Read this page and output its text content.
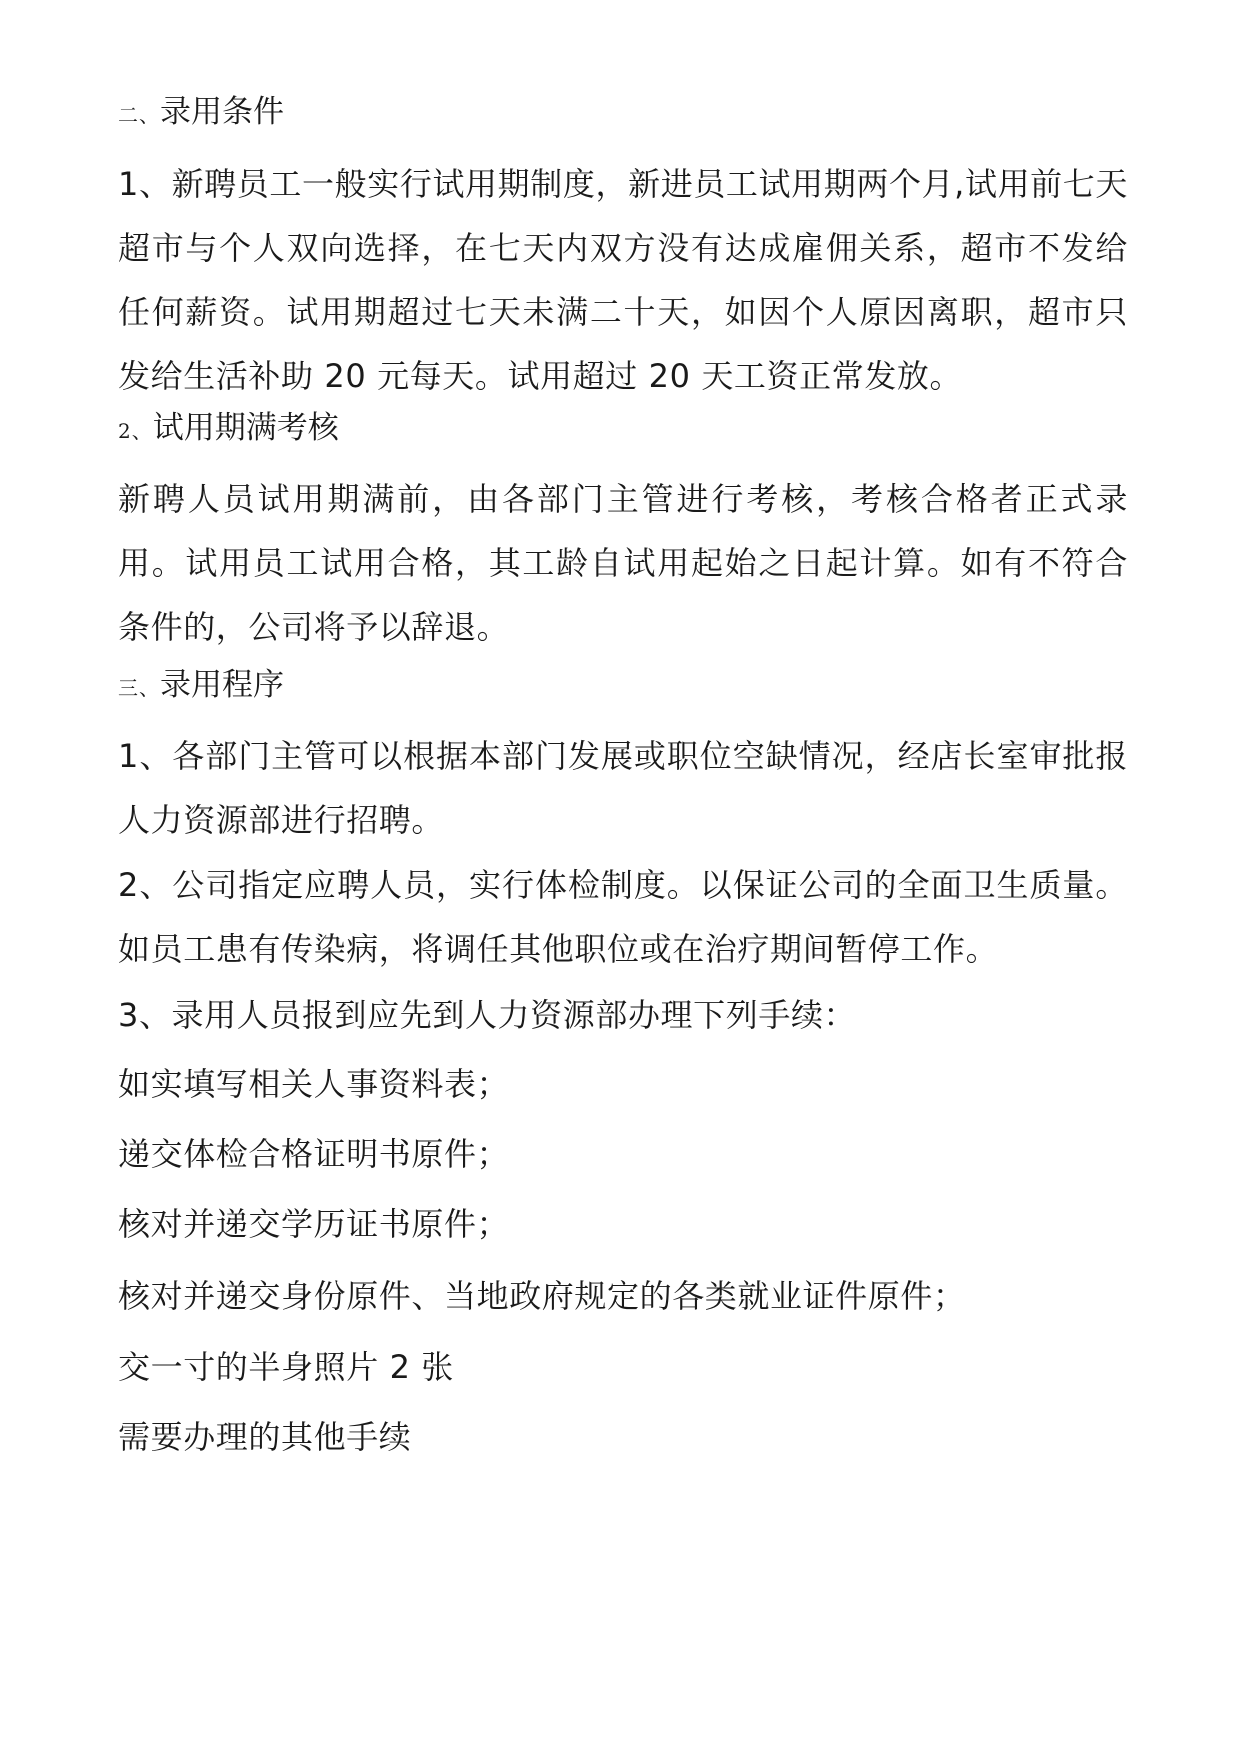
二、录用条件
1、新聘员工一般实行试用期制度，新进员工试用期两个月,试用前七天超市与个人双向选择，在七天内双方没有达成雇佣关系，超市不发给任何薪资。试用期超过七天未满二十天，如因个人原因离职，超市只发给生活补助 20 元每天。试用超过 20 天工资正常发放。
2、试用期满考核
新聘人员试用期满前，由各部门主管进行考核，考核合格者正式录用。试用员工试用合格，其工龄自试用起始之日起计算。如有不符合条件的，公司将予以辞退。
三、录用程序
1、各部门主管可以根据本部门发展或职位空缺情况，经店长室审批报人力资源部进行招聘。
2、公司指定应聘人员，实行体检制度。以保证公司的全面卫生质量。如员工患有传染病，将调任其他职位或在治疗期间暂停工作。
3、录用人员报到应先到人力资源部办理下列手续：
如实填写相关人事资料表；
递交体检合格证明书原件；
核对并递交学历证书原件；
核对并递交身份原件、当地政府规定的各类就业证件原件；
交一寸的半身照片 2 张
需要办理的其他手续
